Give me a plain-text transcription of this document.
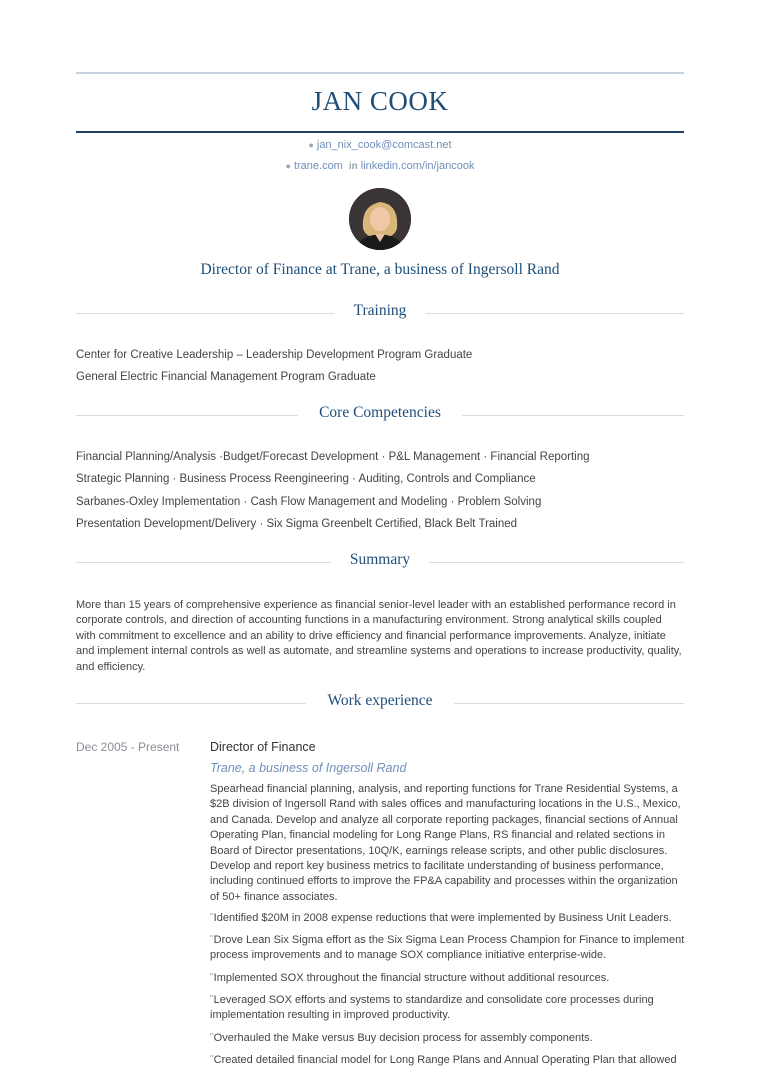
JAN COOK
● jan_nix_cook@comcast.net
● trane.com in linkedin.com/in/jancook
Director of Finance at Trane, a business of Ingersoll Rand
Training
Center for Creative Leadership – Leadership Development Program Graduate
General Electric Financial Management Program Graduate
Core Competencies
Financial Planning/Analysis ·Budget/Forecast Development · P&L Management · Financial Reporting
Strategic Planning · Business Process Reengineering · Auditing, Controls and Compliance
Sarbanes-Oxley Implementation · Cash Flow Management and Modeling · Problem Solving
Presentation Development/Delivery · Six Sigma Greenbelt Certified, Black Belt Trained
Summary
More than 15 years of comprehensive experience as financial senior-level leader with an established performance record in corporate controls, and direction of accounting functions in a manufacturing environment. Strong analytical skills coupled with commitment to excellence and an ability to drive efficiency and financial performance improvements. Analyze, initiate and implement internal controls as well as automate, and streamline systems and operations to increase productivity, quality, and efficiency.
Work experience
Dec 2005 - Present Director of Finance
Trane, a business of Ingersoll Rand
Spearhead financial planning, analysis, and reporting functions for Trane Residential Systems, a $2B division of Ingersoll Rand with sales offices and manufacturing locations in the U.S., Mexico, and Canada. Develop and analyze all corporate reporting packages, financial sections of Annual Operating Plan, financial modeling for Long Range Plans, RS financial and related sections in Board of Director presentations, 10Q/K, earnings release scripts, and other public disclosures. Develop and report key business metrics to facilitate understanding of business performance, including continued efforts to improve the FP&A capability and processes within the organization of 50+ finance associates.
¨Identified $20M in 2008 expense reductions that were implemented by Business Unit Leaders.
¨Drove Lean Six Sigma effort as the Six Sigma Lean Process Champion for Finance to implement process improvements and to manage SOX compliance initiative enterprise-wide.
¨Implemented SOX throughout the financial structure without additional resources.
¨Leveraged SOX efforts and systems to standardize and consolidate core processes during implementation resulting in improved productivity.
¨Overhauled the Make versus Buy decision process for assembly components.
¨Created detailed financial model for Long Range Plans and Annual Operating Plan that allowed
